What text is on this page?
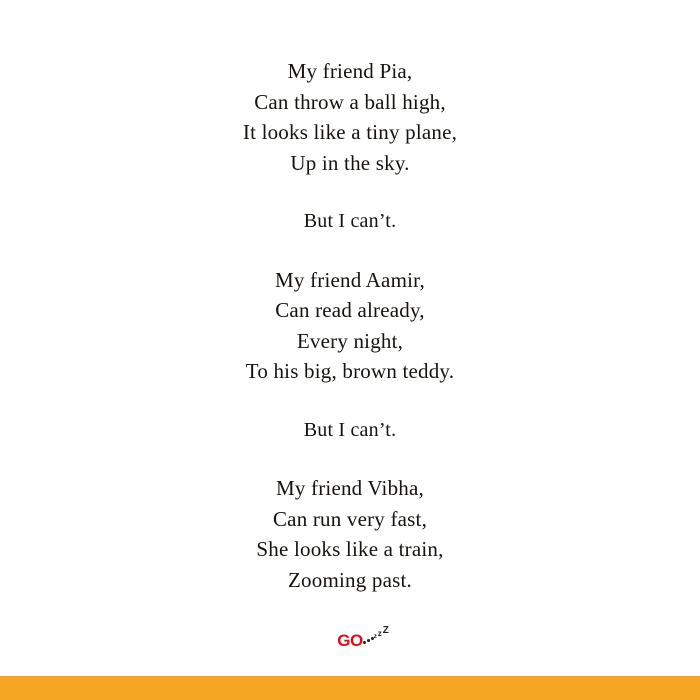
My friend Pia,
Can throw a ball high,
It looks like a tiny plane,
Up in the sky.
But I can’t.
My friend Aamir,
Can read already,
Every night,
To his big, brown teddy.
But I can’t.
My friend Vibha,
Can run very fast,
She looks like a train,
Zooming past.
GO z z Z
